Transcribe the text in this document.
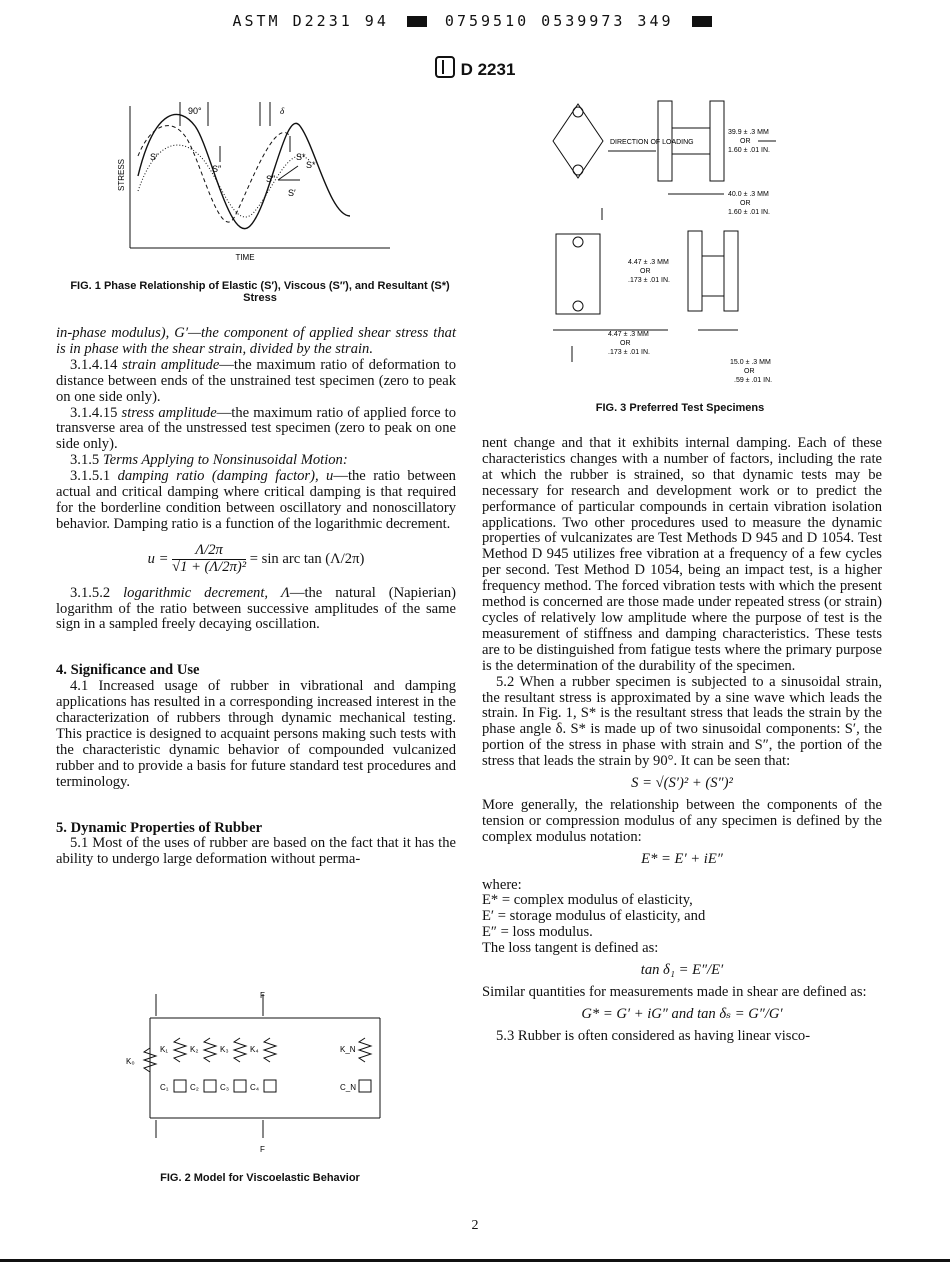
ASTM D2231 94	0759510 0539973 349
D 2231
STRESS
TIME
90°	δ
S′
S″
S*
S*
S′
S″
FIG. 1 Phase Relationship of Elastic (S′), Viscous (S″), and Resultant (S*) Stress
DIRECTION OF LOADING
39.9 ± .3 MM
OR
1.60 ± .01 IN.
40.0 ± .3 MM
OR
1.60 ± .01 IN.
4.47 ± .3 MM
OR
.173 ± .01 IN.
4.47 ± .3 MM
OR
.173 ± .01 IN.
15.0 ± .3 MM
OR
.59 ± .01 IN.
FIG. 3 Preferred Test Specimens

in-phase modulus), G′—the component of applied shear stress that is in phase with the shear strain, divided by the strain.

3.1.4.14 strain amplitude—the maximum ratio of deformation to distance between ends of the unstrained test specimen (zero to peak on one side only).

3.1.4.15 stress amplitude—the maximum ratio of applied force to transverse area of the unstressed test specimen (zero to peak on one side only).

3.1.5 Terms Applying to Nonsinusoidal Motion:

3.1.5.1 damping ratio (damping factor), u—the ratio between actual and critical damping where critical damping is that required for the borderline condition between oscillatory and nonoscillatory behavior. Damping ratio is a function of the logarithmic decrement.

$u = \frac{\Lambda/2\pi}{\text{√1 + (Λ/2π)²}} = \sin$ arc tan (Λ/2π)

3.1.5.2 logarithmic decrement, Λ—the natural (Napierian) logarithm of the ratio between successive amplitudes of the same sign in a sampled freely decaying oscillation.

4. Significance and Use

4.1 Increased usage of rubber in vibrational and damping applications has resulted in a corresponding increased interest in the characterization of rubbers through dynamic mechanical testing. This practice is designed to acquaint persons making such tests with the characteristic dynamic behavior of compounded vulcanized rubber and to provide a basis for future standard test procedures and terminology.

5. Dynamic Properties of Rubber

5.1 Most of the uses of rubber are based on the fact that it has the ability to undergo large deformation without perma-

F
F
K₀
K₁	K₂	K₃	K₄	K_N
C₁	C₂	C₃	C₄	C_N
FIG. 2 Model for Viscoelastic Behavior

nent change and that it exhibits internal damping. Each of these characteristics changes with a number of factors, including the rate at which the rubber is strained, so that dynamic tests may be necessary for research and development work or to predict the performance of particular compounds in certain vibration isolation applications. Two other procedures used to measure the dynamic properties of vulcanizates are Test Methods D 945 and D 1054. Test Method D 945 utilizes free vibration at a frequency of a few cycles per second. Test Method D 1054, being an impact test, is a higher frequency method. The forced vibration tests with which the present method is concerned are those made under repeated stress (or strain) cycles of relatively low amplitude where the purpose of test is the measurement of stiffness and damping characteristics. These tests are to be distinguished from fatigue tests where the primary purpose is the determination of the durability of the specimen.

5.2 When a rubber specimen is subjected to a sinusoidal strain, the resultant stress is approximated by a sine wave which leads the strain. In Fig. 1, S* is the resultant stress that leads the strain by the phase angle δ. S* is made up of two sinusoidal components: S′, the portion of the stress in phase with strain and S″, the portion of the stress that leads the strain by 90°. It can be seen that:

S = √(S′)² + (S″)²

More generally, the relationship between the components of the tension or compression modulus of any specimen is defined by the complex modulus notation:

E* = E′ + iE″

where:

E* = complex modulus of elasticity,

E′ = storage modulus of elasticity, and

E″ = loss modulus.

The loss tangent is defined as:

tan δ₁ = E″/E′

Similar quantities for measurements made in shear are defined as:

G* = G′ + iG″ and tan δₛ = G″/G′

5.3 Rubber is often considered as having linear visco-

2
